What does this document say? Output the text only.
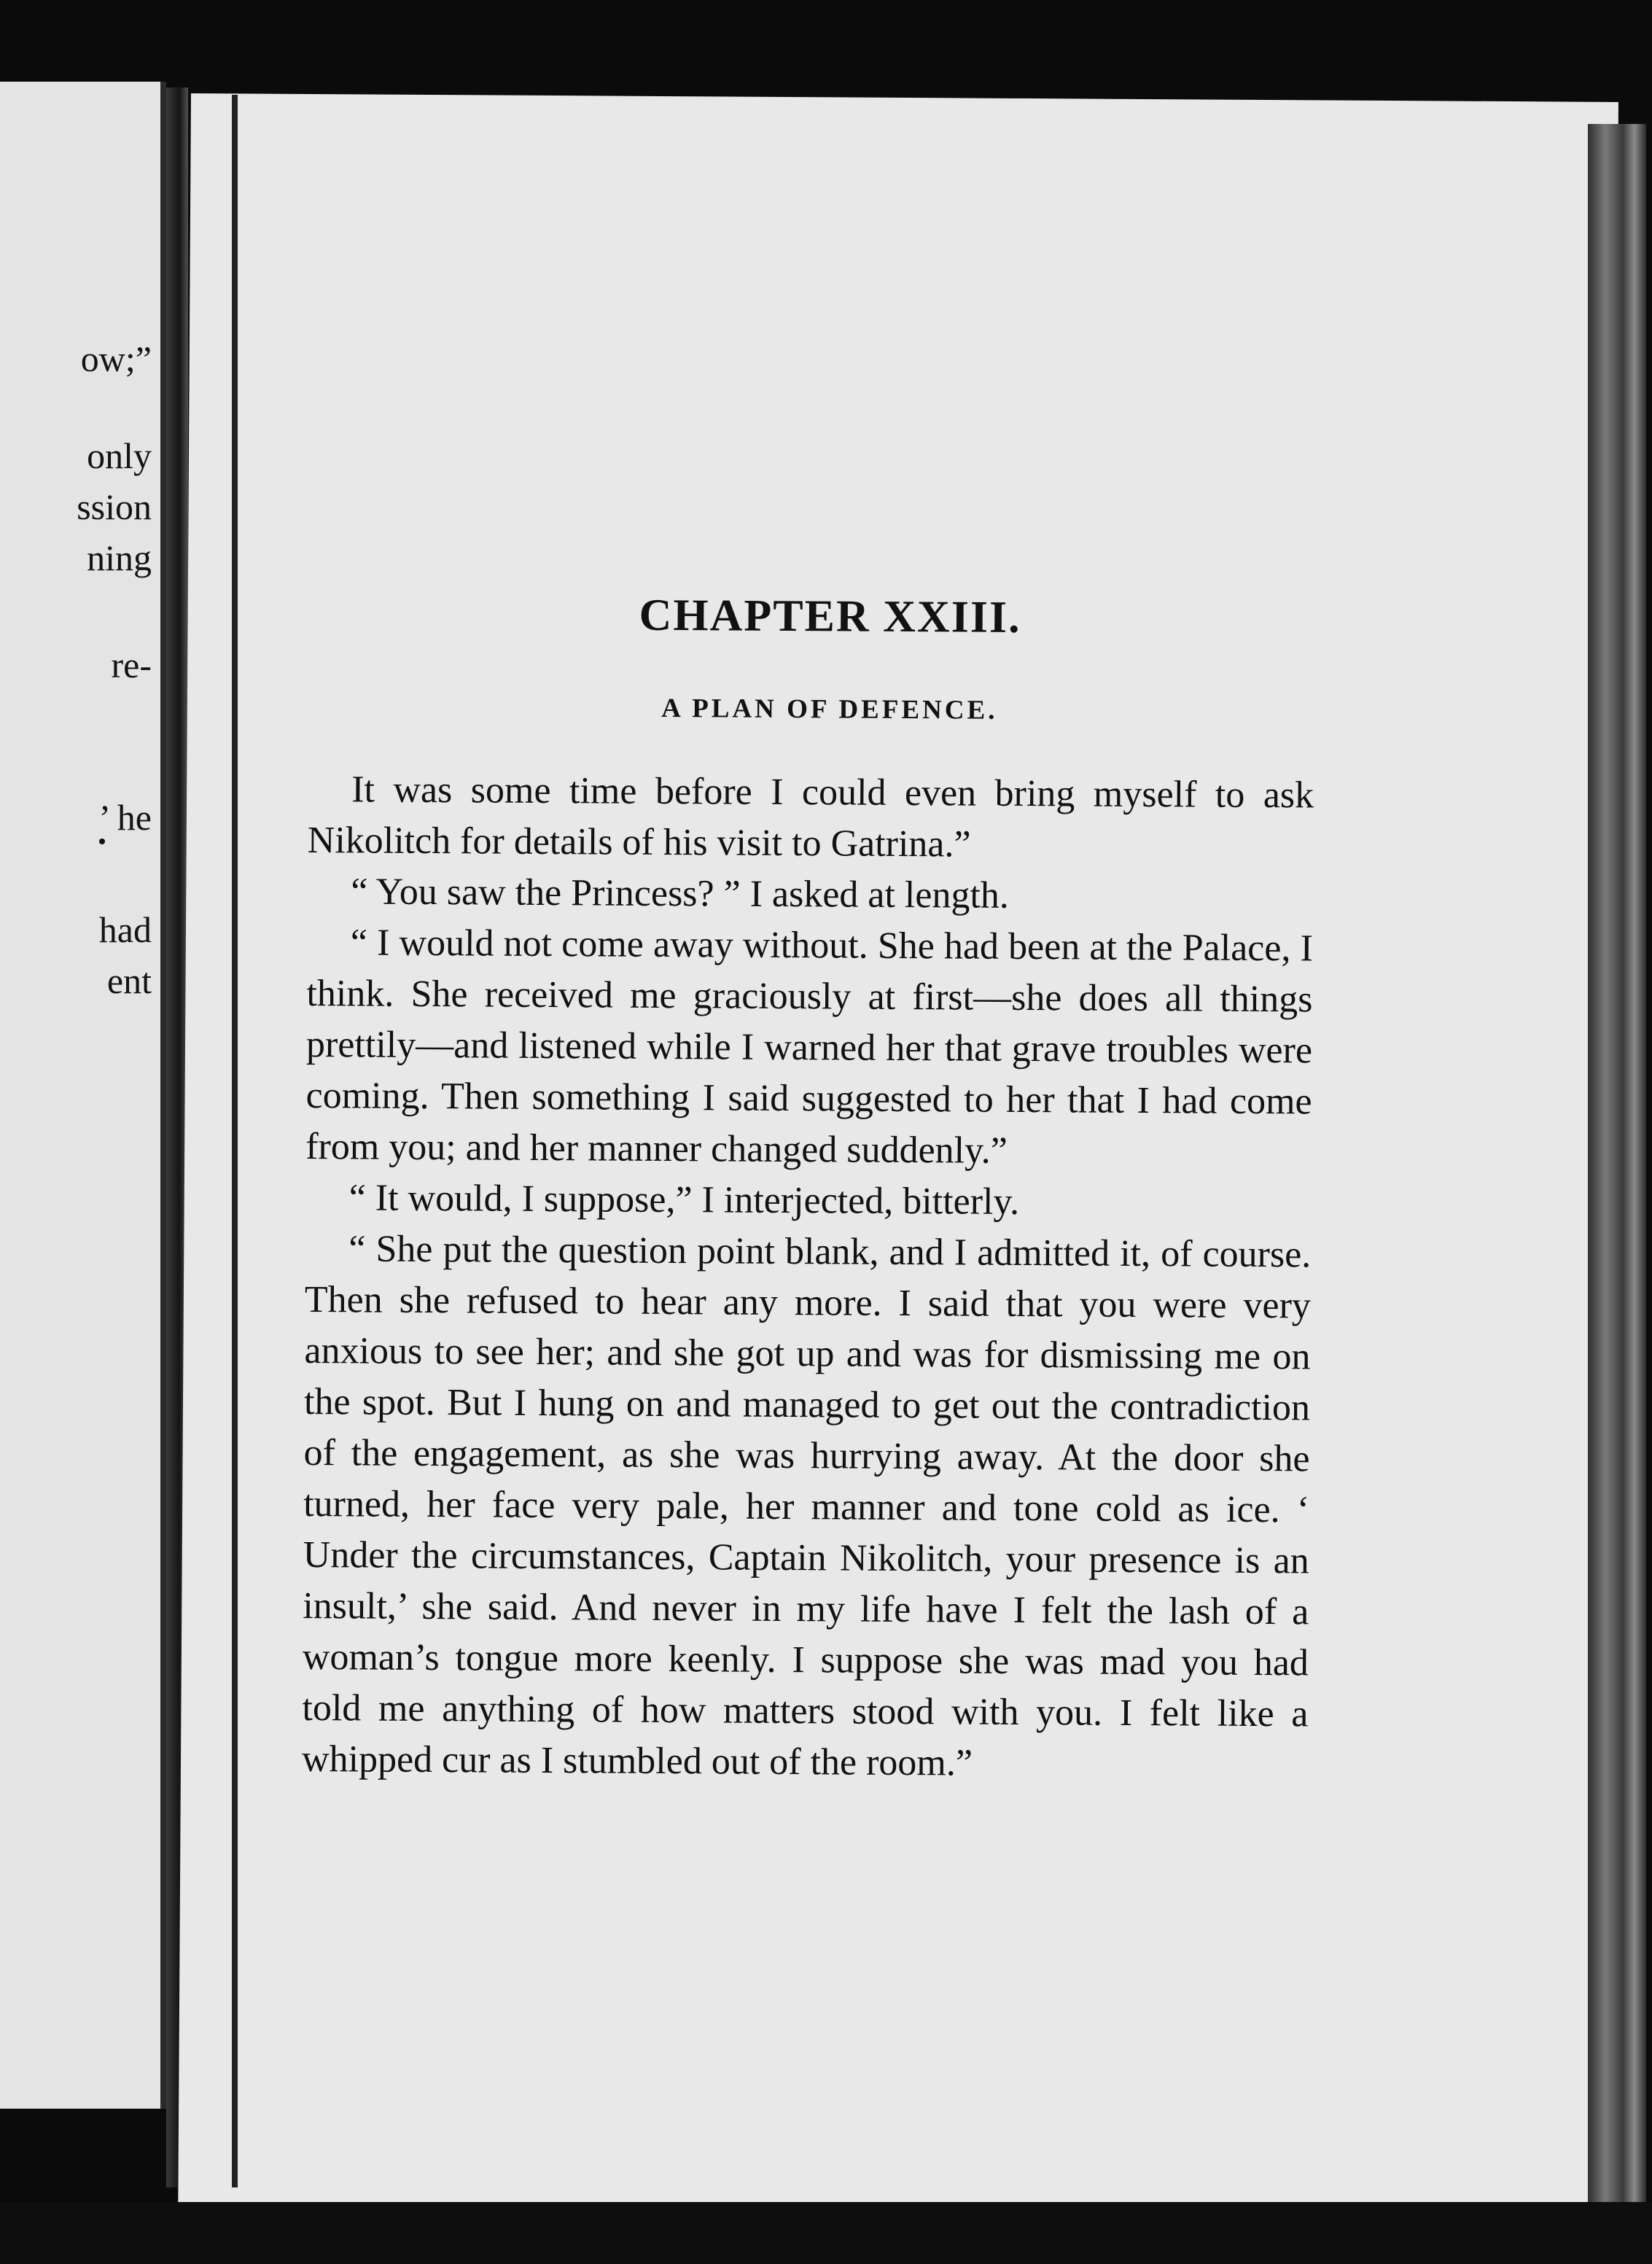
ow;”
only
ssion
ning
re-
’ he
had
ent
CHAPTER XXIII.
A PLAN OF DEFENCE.

It was some time before I could even bring myself to ask Nikolitch for details of his visit to Gatrina.”

“ You saw the Princess? ” I asked at length.

“ I would not come away without. She had been at the Palace, I think. She received me graciously at first—she does all things prettily—and listened while I warned her that grave troubles were coming. Then something I said suggested to her that I had come from you; and her manner changed suddenly.”

“ It would, I suppose,” I interjected, bitterly.

“ She put the question point blank, and I admitted it, of course. Then she refused to hear any more. I said that you were very anxious to see her; and she got up and was for dismissing me on the spot. But I hung on and managed to get out the contradiction of the engagement, as she was hurrying away. At the door she turned, her face very pale, her manner and tone cold as ice. ‘ Under the circumstances, Captain Nikolitch, your presence is an insult,’ she said. And never in my life have I felt the lash of a woman’s tongue more keenly. I suppose she was mad you had told me anything of how matters stood with you. I felt like a whipped cur as I stumbled out of the room.”
